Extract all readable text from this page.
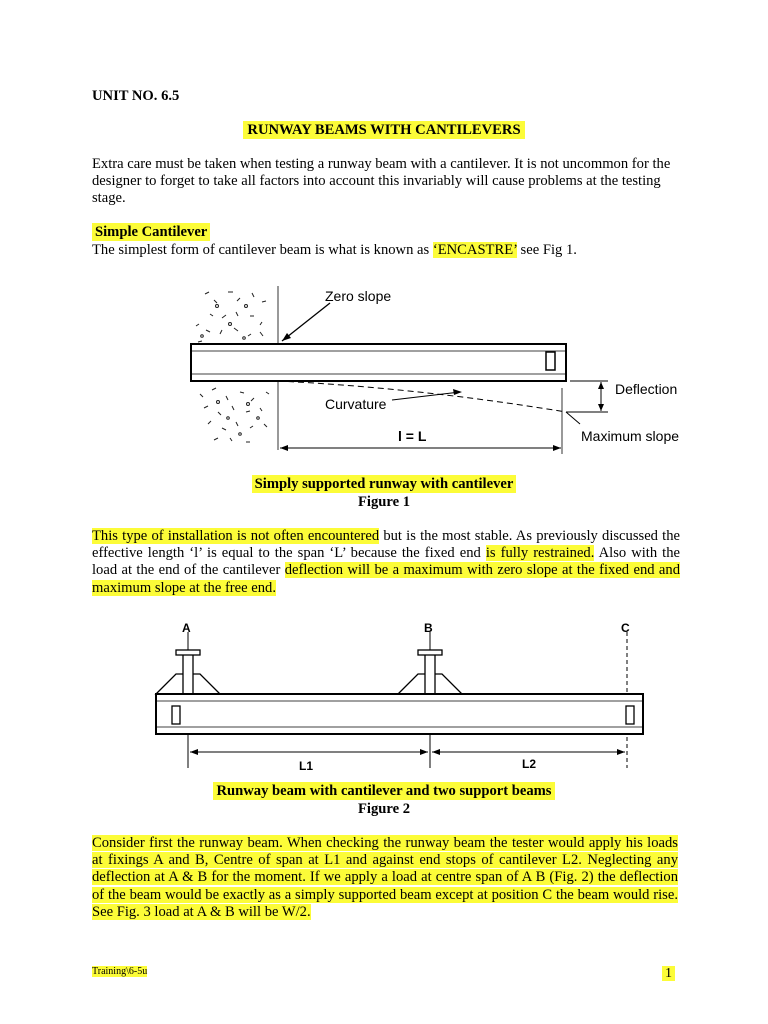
UNIT NO. 6.5
RUNWAY BEAMS WITH CANTILEVERS
Extra care must be taken when testing a runway beam with a cantilever. It is not uncommon for the designer to forget to take all factors into account this invariably will cause problems at the testing stage.
Simple Cantilever
The simplest form of cantilever beam is what is known as ‘ENCASTRE’ see Fig 1.
Zero slope
Deflection
Curvature
l = L	Maximum slope
Simply supported runway with cantilever
Figure 1
This type of installation is not often encountered but is the most stable. As previously discussed the effective length ‘l’ is equal to the span ‘L’ because the fixed end is fully restrained. Also with the load at the end of the cantilever deflection will be a maximum with zero slope at the fixed end and maximum slope at the free end.
A	B	C
L1	L2
Runway beam with cantilever and two support beams
Figure 2
Consider first the runway beam. When checking the runway beam the tester would apply his loads at fixings A and B, Centre of span at L1 and against end stops of cantilever L2. Neglecting any deflection at A & B for the moment. If we apply a load at centre span of A B (Fig. 2) the deflection of the beam would be exactly as a simply supported beam except at position C the beam would rise. See Fig. 3 load at A & B will be W/2.
Training\6-5u	1
